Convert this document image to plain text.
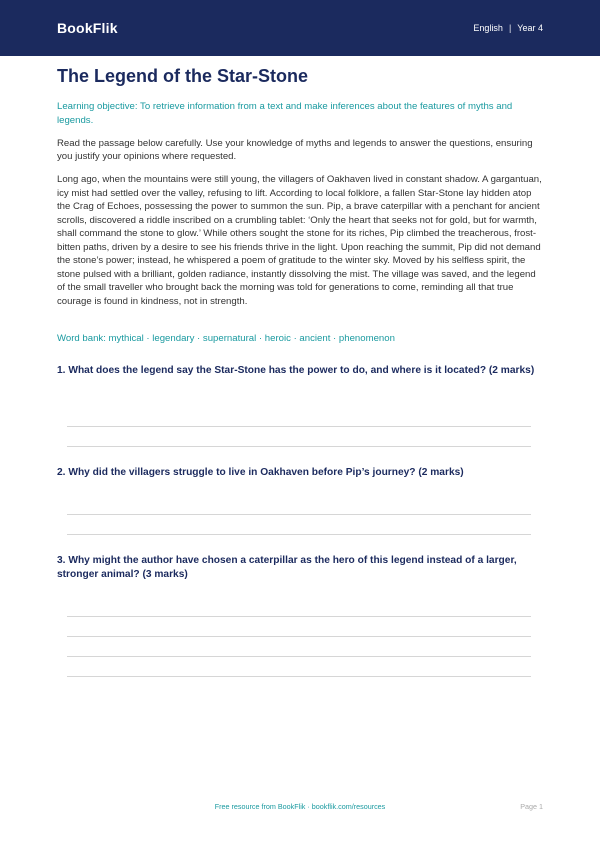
BookFlik	English | Year 4
The Legend of the Star-Stone

Learning objective: To retrieve information from a text and make inferences about the features of myths and legends.

Read the passage below carefully. Use your knowledge of myths and legends to answer the questions, ensuring you justify your opinions where requested.

Long ago, when the mountains were still young, the villagers of Oakhaven lived in constant shadow. A gargantuan, icy mist had settled over the valley, refusing to lift. According to local folklore, a fallen Star-Stone lay hidden atop the Crag of Echoes, possessing the power to summon the sun. Pip, a brave caterpillar with a penchant for ancient scrolls, discovered a riddle inscribed on a crumbling tablet: ‘Only the heart that seeks not for gold, but for warmth, shall command the stone to glow.’ While others sought the stone for its riches, Pip climbed the treacherous, frost-bitten paths, driven by a desire to see his friends thrive in the light. Upon reaching the summit, Pip did not demand the stone’s power; instead, he whispered a poem of gratitude to the winter sky. Moved by his selfless spirit, the stone pulsed with a brilliant, golden radiance, instantly dissolving the mist. The village was saved, and the legend of the small traveller who brought back the morning was told for generations to come, reminding all that true courage is found in kindness, not in strength.

Word bank: mythical · legendary · supernatural · heroic · ancient · phenomenon

1. What does the legend say the Star-Stone has the power to do, and where is it located? (2 marks)

2. Why did the villagers struggle to live in Oakhaven before Pip’s journey? (2 marks)

3. Why might the author have chosen a caterpillar as the hero of this legend instead of a larger, stronger animal? (3 marks)

Free resource from BookFlik · bookflik.com/resources	Page 1
